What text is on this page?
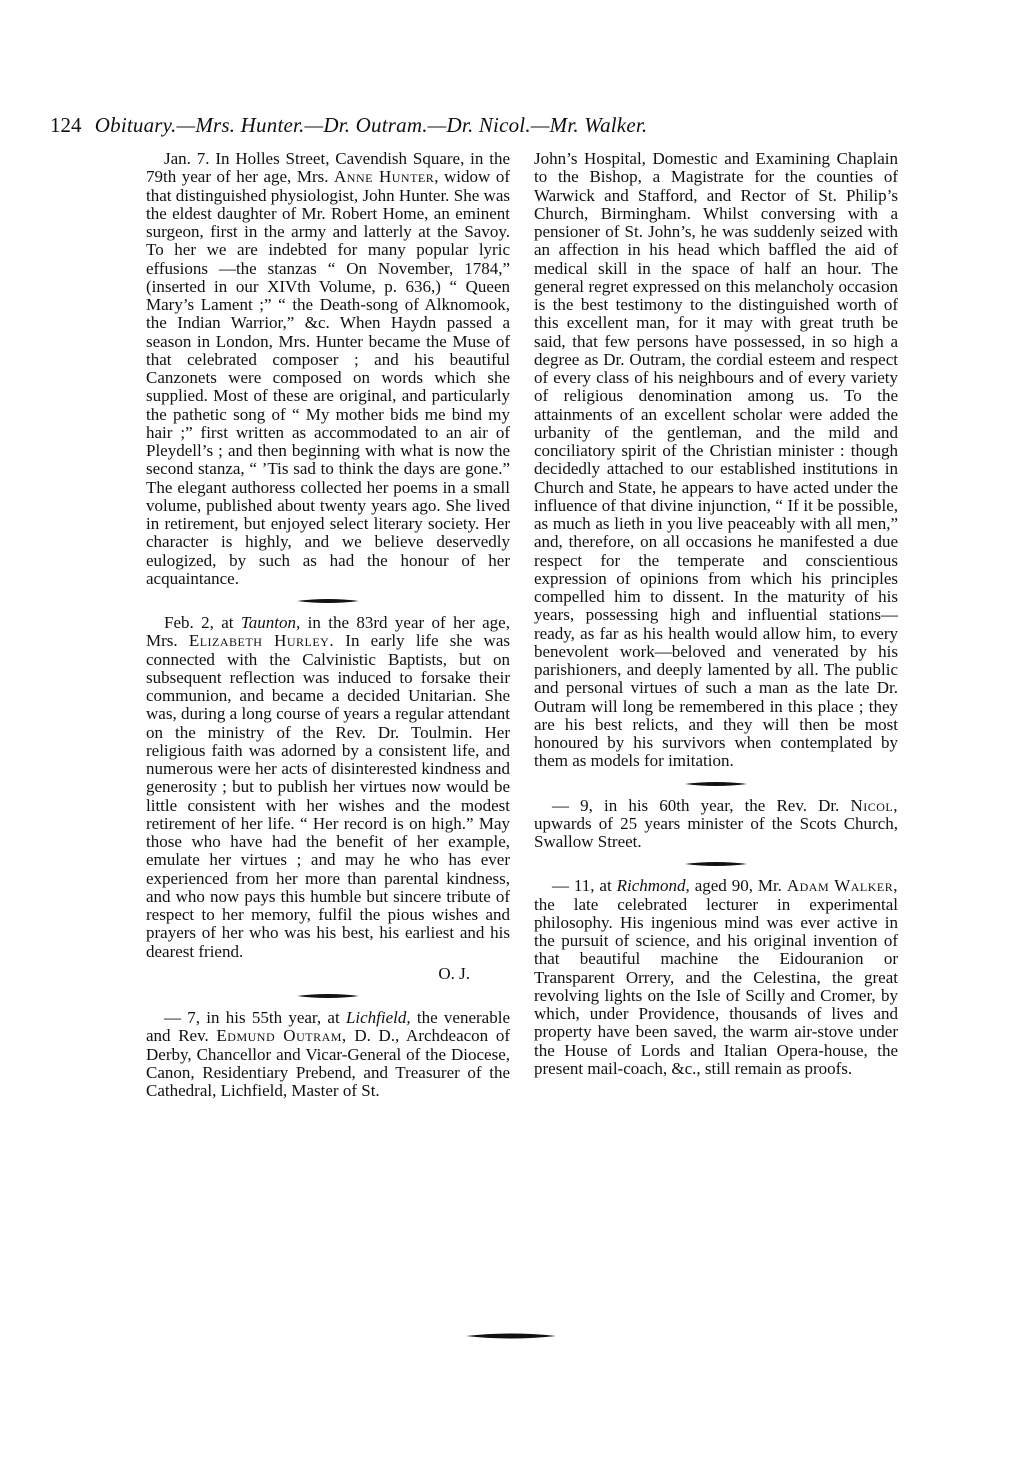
124 Obituary.—Mrs. Hunter.—Dr. Outram.—Dr. Nicol.—Mr. Walker.

Jan. 7. In Holles Street, Cavendish Square, in the 79th year of her age, Mrs. Anne Hunter, widow of that distinguished physiologist, John Hunter. She was the eldest daughter of Mr. Robert Home, an eminent surgeon, first in the army and latterly at the Savoy. To her we are indebted for many popular lyric effusions —the stanzas “ On November, 1784,” (inserted in our XIVth Volume, p. 636,) “ Queen Mary’s Lament ;” “ the Death-song of Alknomook, the Indian Warrior,” &c. When Haydn passed a season in London, Mrs. Hunter became the Muse of that celebrated composer ; and his beautiful Canzonets were composed on words which she supplied. Most of these are original, and particularly the pathetic song of “ My mother bids me bind my hair ;” first written as accommodated to an air of Pleydell’s ; and then beginning with what is now the second stanza, “ ’Tis sad to think the days are gone.” The elegant authoress collected her poems in a small volume, published about twenty years ago. She lived in retirement, but enjoyed select literary society. Her character is highly, and we believe deservedly eulogized, by such as had the honour of her acquaintance.

Feb. 2, at Taunton, in the 83rd year of her age, Mrs. Elizabeth Hurley. In early life she was connected with the Calvinistic Baptists, but on subsequent reflection was induced to forsake their communion, and became a decided Unitarian. She was, during a long course of years a regular attendant on the ministry of the Rev. Dr. Toulmin. Her religious faith was adorned by a consistent life, and numerous were her acts of disinterested kindness and generosity ; but to publish her virtues now would be little consistent with her wishes and the modest retirement of her life. “ Her record is on high.” May those who have had the benefit of her example, emulate her virtues ; and may he who has ever experienced from her more than parental kindness, and who now pays this humble but sincere tribute of respect to her memory, fulfil the pious wishes and prayers of her who was his best, his earliest and his dearest friend.

O. J.

— 7, in his 55th year, at Lichfield, the venerable and Rev. Edmund Outram, D. D., Archdeacon of Derby, Chancellor and Vicar-General of the Diocese, Canon, Residentiary Prebend, and Treasurer of the Cathedral, Lichfield, Master of St.

John’s Hospital, Domestic and Examining Chaplain to the Bishop, a Magistrate for the counties of Warwick and Stafford, and Rector of St. Philip’s Church, Birmingham. Whilst conversing with a pensioner of St. John’s, he was suddenly seized with an affection in his head which baffled the aid of medical skill in the space of half an hour. The general regret expressed on this melancholy occasion is the best testimony to the distinguished worth of this excellent man, for it may with great truth be said, that few persons have possessed, in so high a degree as Dr. Outram, the cordial esteem and respect of every class of his neighbours and of every variety of religious denomination among us. To the attainments of an excellent scholar were added the urbanity of the gentleman, and the mild and conciliatory spirit of the Christian minister : though decidedly attached to our established institutions in Church and State, he appears to have acted under the influence of that divine injunction, “ If it be possible, as much as lieth in you live peaceably with all men,” and, therefore, on all occasions he manifested a due respect for the temperate and conscientious expression of opinions from which his principles compelled him to dissent. In the maturity of his years, possessing high and influential stations— ready, as far as his health would allow him, to every benevolent work—beloved and venerated by his parishioners, and deeply lamented by all. The public and personal virtues of such a man as the late Dr. Outram will long be remembered in this place ; they are his best relicts, and they will then be most honoured by his survivors when contemplated by them as models for imitation.

— 9, in his 60th year, the Rev. Dr. Nicol, upwards of 25 years minister of the Scots Church, Swallow Street.

— 11, at Richmond, aged 90, Mr. Adam Walker, the late celebrated lecturer in experimental philosophy. His ingenious mind was ever active in the pursuit of science, and his original invention of that beautiful machine the Eidouranion or Transparent Orrery, and the Celestina, the great revolving lights on the Isle of Scilly and Cromer, by which, under Providence, thousands of lives and property have been saved, the warm air-stove under the House of Lords and Italian Opera-house, the present mail-coach, &c., still remain as proofs.
